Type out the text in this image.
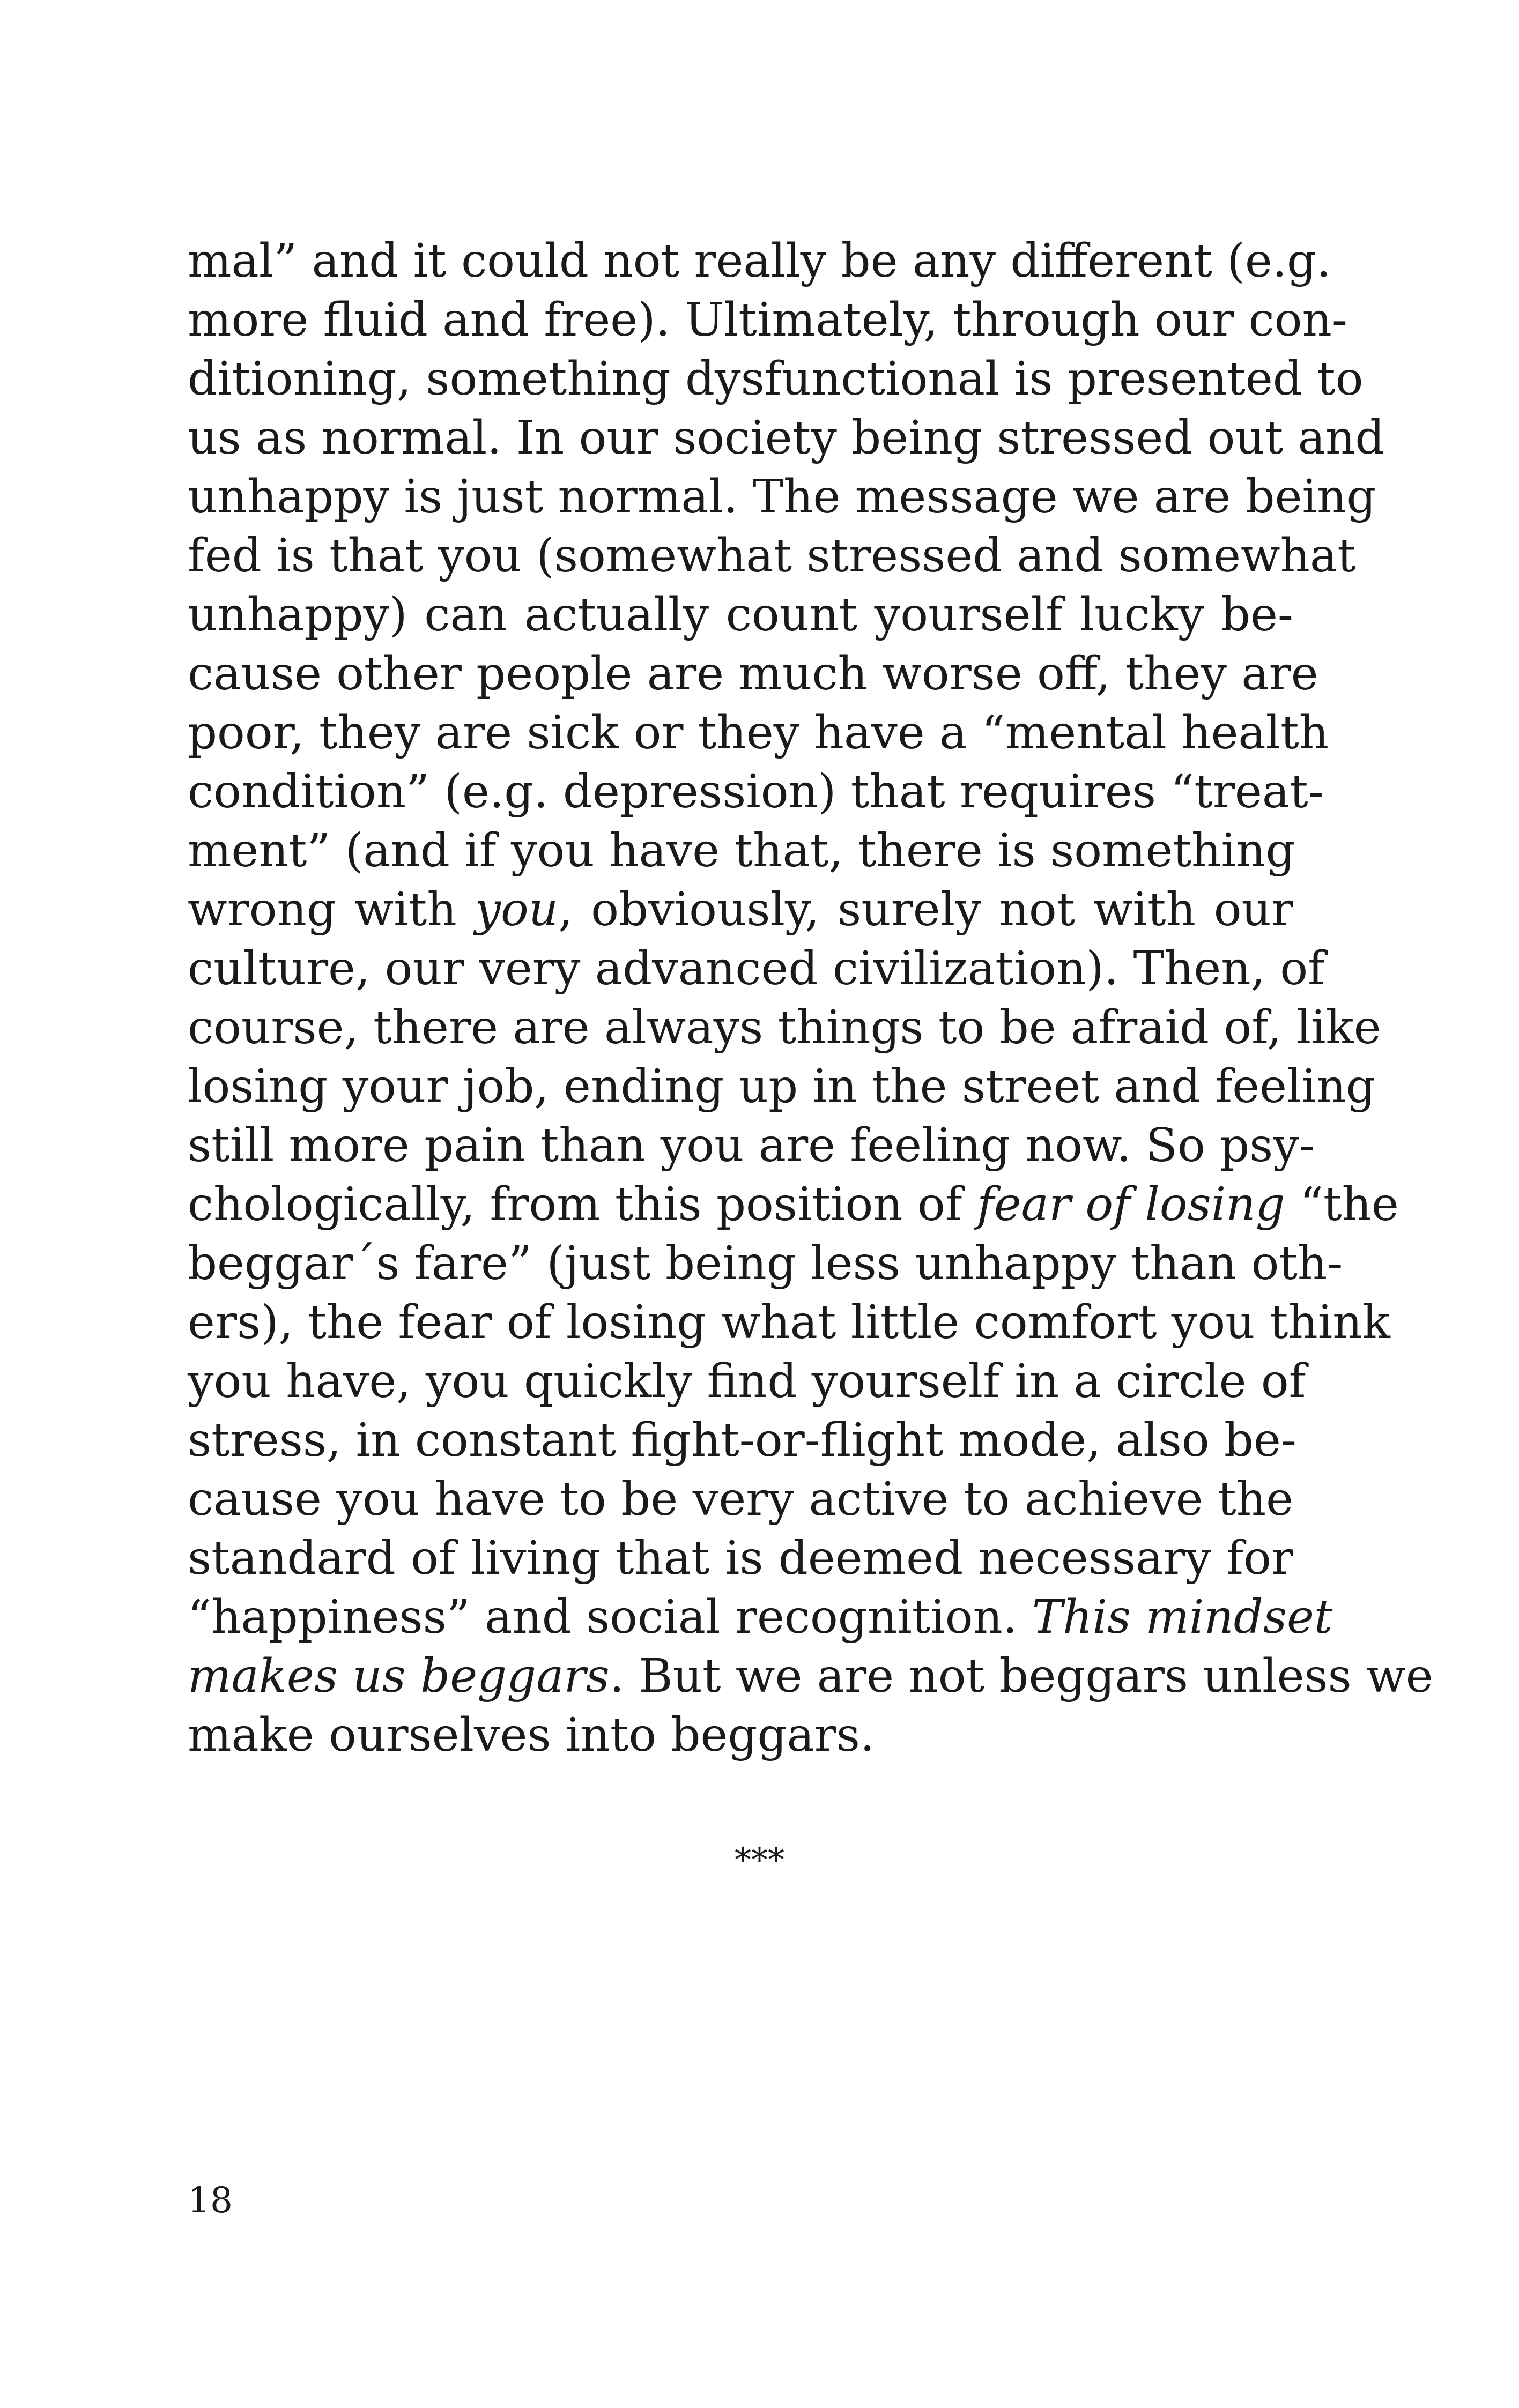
mal” and it could not really be any different (e.g.
more fluid and free). Ultimately, through our con-
ditioning, something dysfunctional is presented to
us as normal. In our society being stressed out and
unhappy is just normal. The message we are being
fed is that you (somewhat stressed and somewhat
unhappy) can actually count yourself lucky be-
cause other people are much worse off, they are
poor, they are sick or they have a “mental health
condition” (e.g. depression) that requires “treat-
ment” (and if you have that, there is something
wrong with you, obviously, surely not with our
culture, our very advanced civilization). Then, of
course, there are always things to be afraid of, like
losing your job, ending up in the street and feeling
still more pain than you are feeling now. So psy-
chologically, from this position of fear of losing “the
beggar´s fare” (just being less unhappy than oth-
ers), the fear of losing what little comfort you think
you have, you quickly find yourself in a circle of
stress, in constant fight-or-flight mode, also be-
cause you have to be very active to achieve the
standard of living that is deemed necessary for
“happiness” and social recognition. This mindset
makes us beggars. But we are not beggars unless we
make ourselves into beggars.
***
18
